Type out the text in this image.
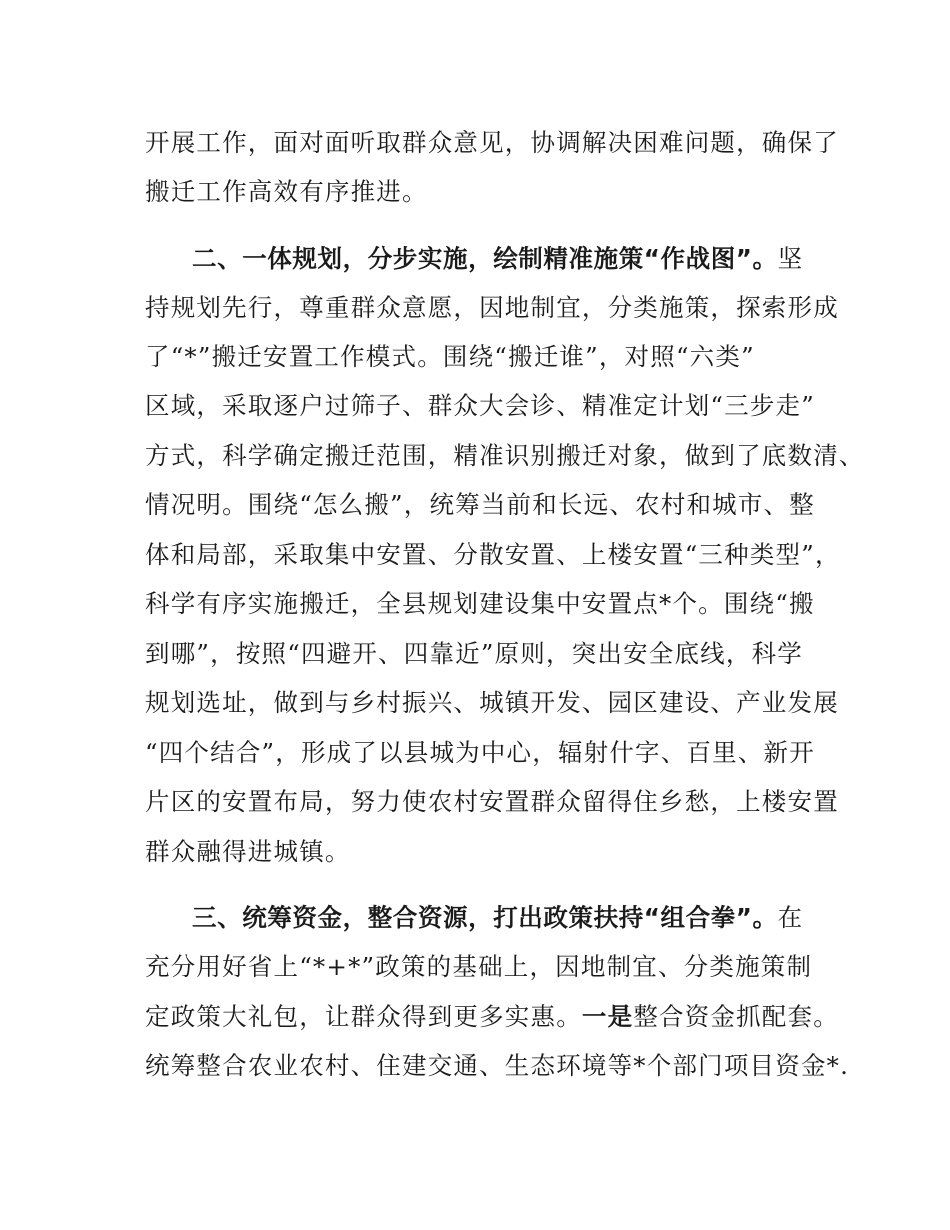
开展工作，面对面听取群众意见，协调解决困难问题，确保了
搬迁工作高效有序推进。
二、一体规划，分步实施，绘制精准施策“作战图”。坚
持规划先行，尊重群众意愿，因地制宜，分类施策，探索形成
了“*”搬迁安置工作模式。围绕“搬迁谁”，对照“六类”
区域，采取逐户过筛子、群众大会诊、精准定计划“三步走”
方式，科学确定搬迁范围，精准识别搬迁对象，做到了底数清、
情况明。围绕“怎么搬”，统筹当前和长远、农村和城市、整
体和局部，采取集中安置、分散安置、上楼安置“三种类型”，
科学有序实施搬迁，全县规划建设集中安置点*个。围绕“搬
到哪”，按照“四避开、四靠近”原则，突出安全底线，科学
规划选址，做到与乡村振兴、城镇开发、园区建设、产业发展
“四个结合”，形成了以县城为中心，辐射什字、百里、新开
片区的安置布局，努力使农村安置群众留得住乡愁，上楼安置
群众融得进城镇。
三、统筹资金，整合资源，打出政策扶持“组合拳”。在
充分用好省上“*+*”政策的基础上，因地制宜、分类施策制
定政策大礼包，让群众得到更多实惠。一是整合资金抓配套。
统筹整合农业农村、住建交通、生态环境等*个部门项目资金*.
